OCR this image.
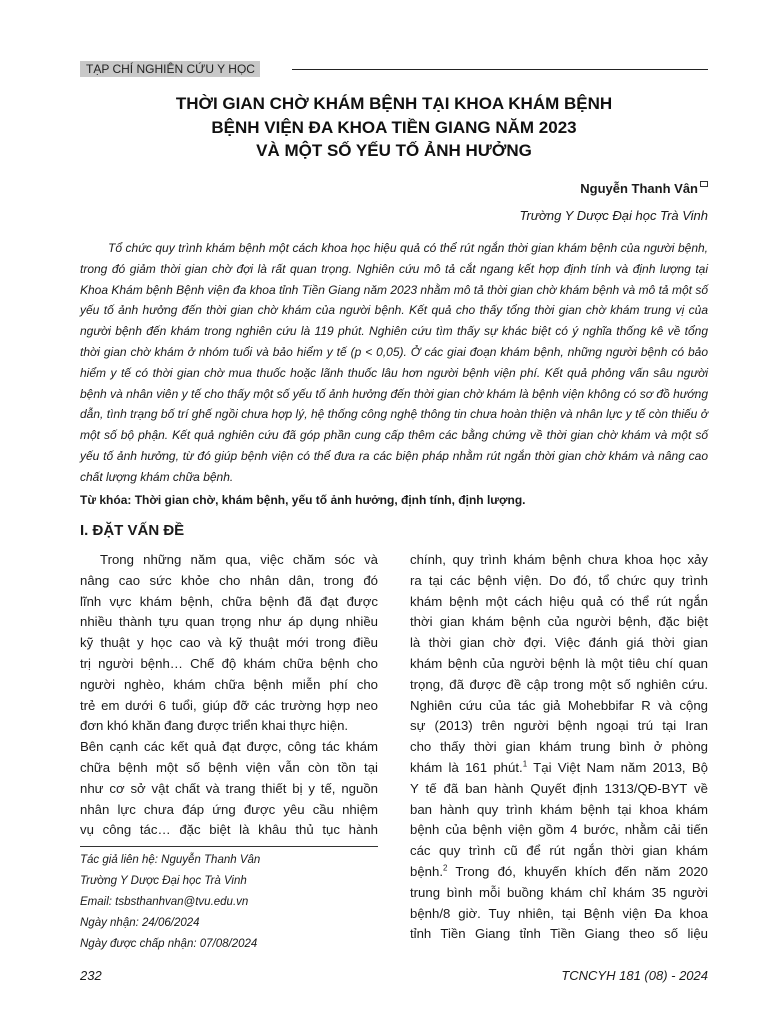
TẠP CHÍ NGHIÊN CỨU Y HỌC
THỜI GIAN CHỜ KHÁM BỆNH TẠI KHOA KHÁM BỆNH
BỆNH VIỆN ĐA KHOA TIỀN GIANG NĂM 2023
VÀ MỘT SỐ YẾU TỐ ẢNH HƯỞNG
Nguyễn Thanh Vân
Trường Y Dược Đại học Trà Vinh

Tổ chức quy trình khám bệnh một cách khoa học hiệu quả có thể rút ngắn thời gian khám bệnh của người bệnh, trong đó giảm thời gian chờ đợi là rất quan trọng. Nghiên cứu mô tả cắt ngang kết hợp định tính và định lượng tại Khoa Khám bệnh Bệnh viện đa khoa tỉnh Tiền Giang năm 2023 nhằm mô tả thời gian chờ khám bệnh và mô tả một số yếu tố ảnh hưởng đến thời gian chờ khám của người bệnh. Kết quả cho thấy tổng thời gian chờ khám trung vị của người bệnh đến khám trong nghiên cứu là 119 phút. Nghiên cứu tìm thấy sự khác biệt có ý nghĩa thống kê về tổng thời gian chờ khám ở nhóm tuổi và bảo hiểm y tế (p < 0,05). Ở các giai đoạn khám bệnh, những người bệnh có bảo hiểm y tế có thời gian chờ mua thuốc hoặc lãnh thuốc lâu hơn người bệnh viện phí. Kết quả phỏng vấn sâu người bệnh và nhân viên y tế cho thấy một số yếu tố ảnh hưởng đến thời gian chờ khám là bệnh viện không có sơ đồ hướng dẫn, tình trạng bố trí ghế ngồi chưa hợp lý, hệ thống công nghệ thông tin chưa hoàn thiện và nhân lực y tế còn thiếu ở một số bộ phận. Kết quả nghiên cứu đã góp phần cung cấp thêm các bằng chứng về thời gian chờ khám và một số yếu tố ảnh hưởng, từ đó giúp bệnh viện có thể đưa ra các biện pháp nhằm rút ngắn thời gian chờ khám và nâng cao chất lượng khám chữa bệnh.

Từ khóa: Thời gian chờ, khám bệnh, yếu tố ảnh hưởng, định tính, định lượng.
I. ĐẶT VẤN ĐỀ
Trong những năm qua, việc chăm sóc và
nâng cao sức khỏe cho nhân dân, trong đó
lĩnh vực khám bệnh, chữa bệnh đã đạt được
nhiều thành tựu quan trọng như áp dụng nhiều
kỹ thuật y học cao và kỹ thuật mới trong điều
trị người bệnh… Chế độ khám chữa bệnh cho
người nghèo, khám chữa bệnh miễn phí cho
trẻ em dưới 6 tuổi, giúp đỡ các trường hợp neo
đơn khó khăn đang được triển khai thực hiện.
Bên cạnh các kết quả đạt được, công tác khám
chữa bệnh một số bệnh viện vẫn còn tồn tại
như cơ sở vật chất và trang thiết bị y tế, nguồn
nhân lực chưa đáp ứng được yêu cầu nhiệm
vụ công tác… đặc biệt là khâu thủ tục hành
Tác giả liên hệ: Nguyễn Thanh Vân
Trường Y Dược Đại học Trà Vinh
Email: tsbsthanhvan@tvu.edu.vn
Ngày nhận: 24/06/2024
Ngày được chấp nhận: 07/08/2024
chính, quy trình khám bệnh chưa khoa học xảy
ra tại các bệnh viện. Do đó, tổ chức quy trình
khám bệnh một cách hiệu quả có thể rút ngắn
thời gian khám bệnh của người bệnh, đặc biệt
là thời gian chờ đợi. Việc đánh giá thời gian
khám bệnh của người bệnh là một tiêu chí quan
trọng, đã được đề cập trong một số nghiên cứu.
Nghiên cứu của tác giả Mohebbifar R và cộng
sự (2013) trên người bệnh ngoại trú tại Iran
cho thấy thời gian khám trung bình ở phòng
khám là 161 phút.$^1$ Tại Việt Nam năm 2013, Bộ
Y tế đã ban hành Quyết định 1313/QĐ-BYT về
ban hành quy trình khám bệnh tại khoa khám
bệnh của bệnh viện gồm 4 bước, nhằm cải tiến
các quy trình cũ để rút ngắn thời gian khám
bệnh.$^2$ Trong đó, khuyến khích đến năm 2020
trung bình mỗi buồng khám chỉ khám 35 người
bệnh/8 giờ. Tuy nhiên, tại Bệnh viện Đa khoa
tỉnh Tiền Giang tỉnh Tiền Giang theo số liệu
232	TCNCYH 181 (08) - 2024
